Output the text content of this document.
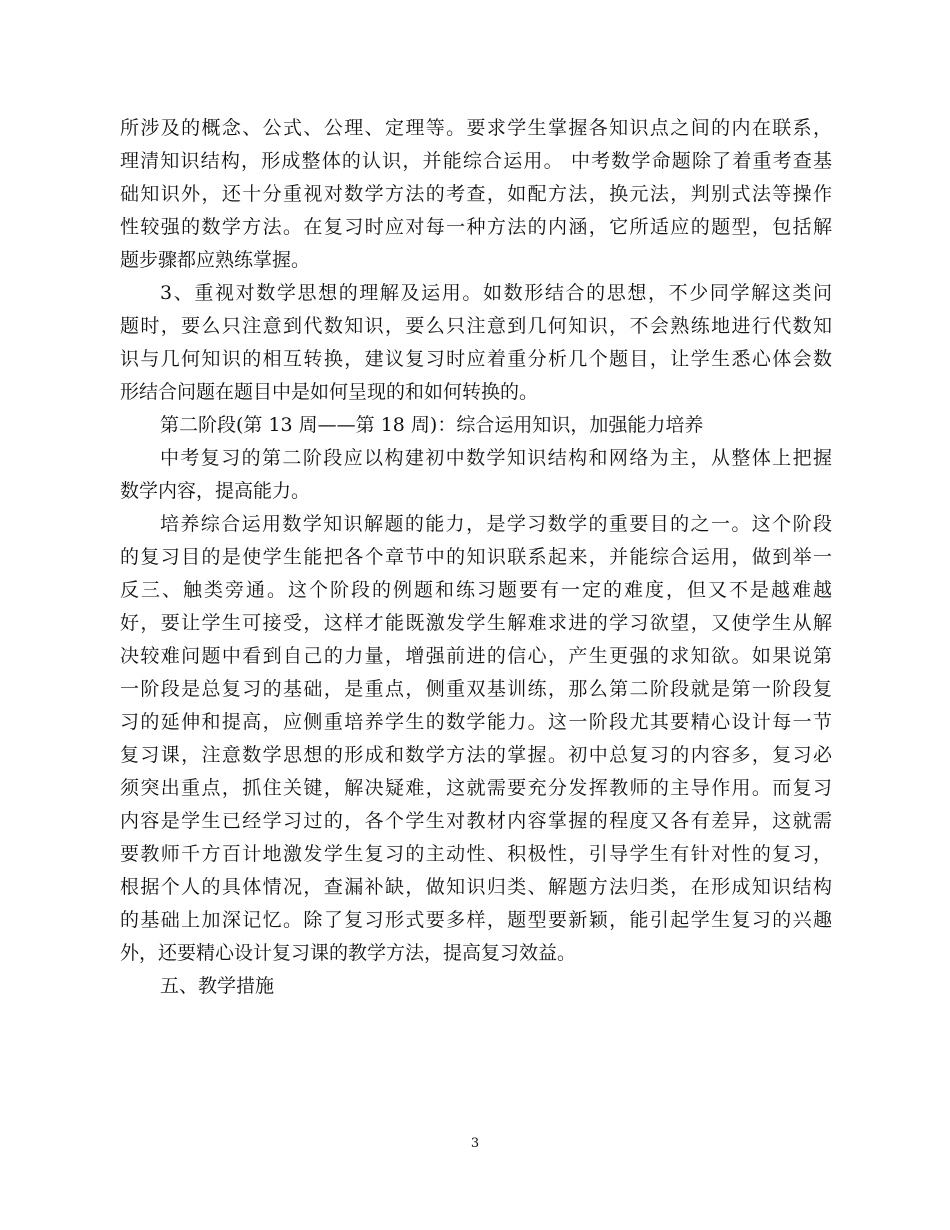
所涉及的概念、公式、公理、定理等。要求学生掌握各知识点之间的内在联系，
理清知识结构，形成整体的认识，并能综合运用。 中考数学命题除了着重考查基
础知识外，还十分重视对数学方法的考查，如配方法，换元法，判别式法等操作
性较强的数学方法。在复习时应对每一种方法的内涵，它所适应的题型，包括解
题步骤都应熟练掌握。
3、重视对数学思想的理解及运用。如数形结合的思想，不少同学解这类问
题时，要么只注意到代数知识，要么只注意到几何知识，不会熟练地进行代数知
识与几何知识的相互转换，建议复习时应着重分析几个题目，让学生悉心体会数
形结合问题在题目中是如何呈现的和如何转换的。
第二阶段(第 13 周——第 18 周)：综合运用知识，加强能力培养
中考复习的第二阶段应以构建初中数学知识结构和网络为主，从整体上把握
数学内容，提高能力。
培养综合运用数学知识解题的能力，是学习数学的重要目的之一。这个阶段
的复习目的是使学生能把各个章节中的知识联系起来，并能综合运用，做到举一
反三、触类旁通。这个阶段的例题和练习题要有一定的难度，但又不是越难越
好，要让学生可接受，这样才能既激发学生解难求进的学习欲望，又使学生从解
决较难问题中看到自己的力量，增强前进的信心，产生更强的求知欲。如果说第
一阶段是总复习的基础，是重点，侧重双基训练，那么第二阶段就是第一阶段复
习的延伸和提高，应侧重培养学生的数学能力。这一阶段尤其要精心设计每一节
复习课，注意数学思想的形成和数学方法的掌握。初中总复习的内容多，复习必
须突出重点，抓住关键，解决疑难，这就需要充分发挥教师的主导作用。而复习
内容是学生已经学习过的，各个学生对教材内容掌握的程度又各有差异，这就需
要教师千方百计地激发学生复习的主动性、积极性，引导学生有针对性的复习，
根据个人的具体情况，查漏补缺，做知识归类、解题方法归类，在形成知识结构
的基础上加深记忆。除了复习形式要多样，题型要新颖，能引起学生复习的兴趣
外，还要精心设计复习课的教学方法，提高复习效益。
五、教学措施
3
